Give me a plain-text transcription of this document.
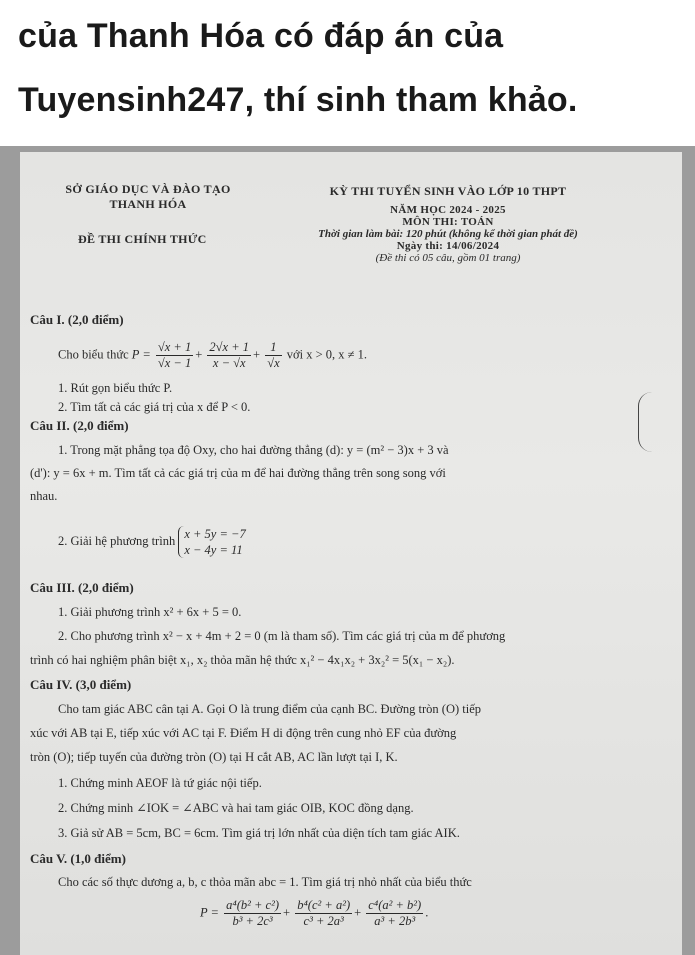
của Thanh Hóa có đáp án của
Tuyensinh247, thí sinh tham khảo.
SỞ GIÁO DỤC VÀ ĐÀO TẠO
THANH HÓA
ĐỀ THI CHÍNH THỨC
KỲ THI TUYỂN SINH VÀO LỚP 10 THPT
NĂM HỌC 2024 - 2025
MÔN THI: TOÁN
Thời gian làm bài: 120 phút (không kể thời gian phát đề)
Ngày thi: 14/06/2024
(Đề thi có 05 câu, gồm 01 trang)
Câu I. (2,0 điểm)
Cho biểu thức $P = \frac{√x + 1}{√x - 1} + \frac{2√x + 1}{x - √x} + \frac{1}{√x}$ với x > 0, x ≠ 1.
1. Rút gọn biểu thức P.
2. Tìm tất cả các giá trị của x để P < 0.
Câu II. (2,0 điểm)
1. Trong mặt phẳng tọa độ Oxy, cho hai đường thẳng (d): y = (m² − 3)x + 3 và
(d'): y = 6x + m. Tìm tất cả các giá trị của m để hai đường thẳng trên song song với
nhau.
2. Giải hệ phương trình x + 5y = −7
x − 4y = 11
Câu III. (2,0 điểm)
1. Giải phương trình x² + 6x + 5 = 0.
2. Cho phương trình x² − x + 4m + 2 = 0 (m là tham số). Tìm các giá trị của m để phương
trình có hai nghiệm phân biệt x₁, x₂ thỏa mãn hệ thức x₁² − 4x₁x₂ + 3x₂² = 5(x₁ − x₂).
Câu IV. (3,0 điểm)
Cho tam giác ABC cân tại A. Gọi O là trung điểm của cạnh BC. Đường tròn (O) tiếp
xúc với AB tại E, tiếp xúc với AC tại F. Điểm H di động trên cung nhỏ EF của đường
tròn (O); tiếp tuyến của đường tròn (O) tại H cắt AB, AC lần lượt tại I, K.
1. Chứng minh AEOF là tứ giác nội tiếp.
2. Chứng minh ∠IOK = ∠ABC và hai tam giác OIB, KOC đồng dạng.
3. Giả sử AB = 5cm, BC = 6cm. Tìm giá trị lớn nhất của diện tích tam giác AIK.
Câu V. (1,0 điểm)
Cho các số thực dương a, b, c thỏa mãn abc = 1. Tìm giá trị nhỏ nhất của biểu thức
$P = \frac{\text{a⁴(b² + c²)}}{\text{b³ + 2c³}} + \frac{\text{b⁴(c² + a²)}}{\text{c³ + 2a³}} + \frac{\text{c⁴(a² + b²)}}{\text{a³ + 2b³}}$ .
